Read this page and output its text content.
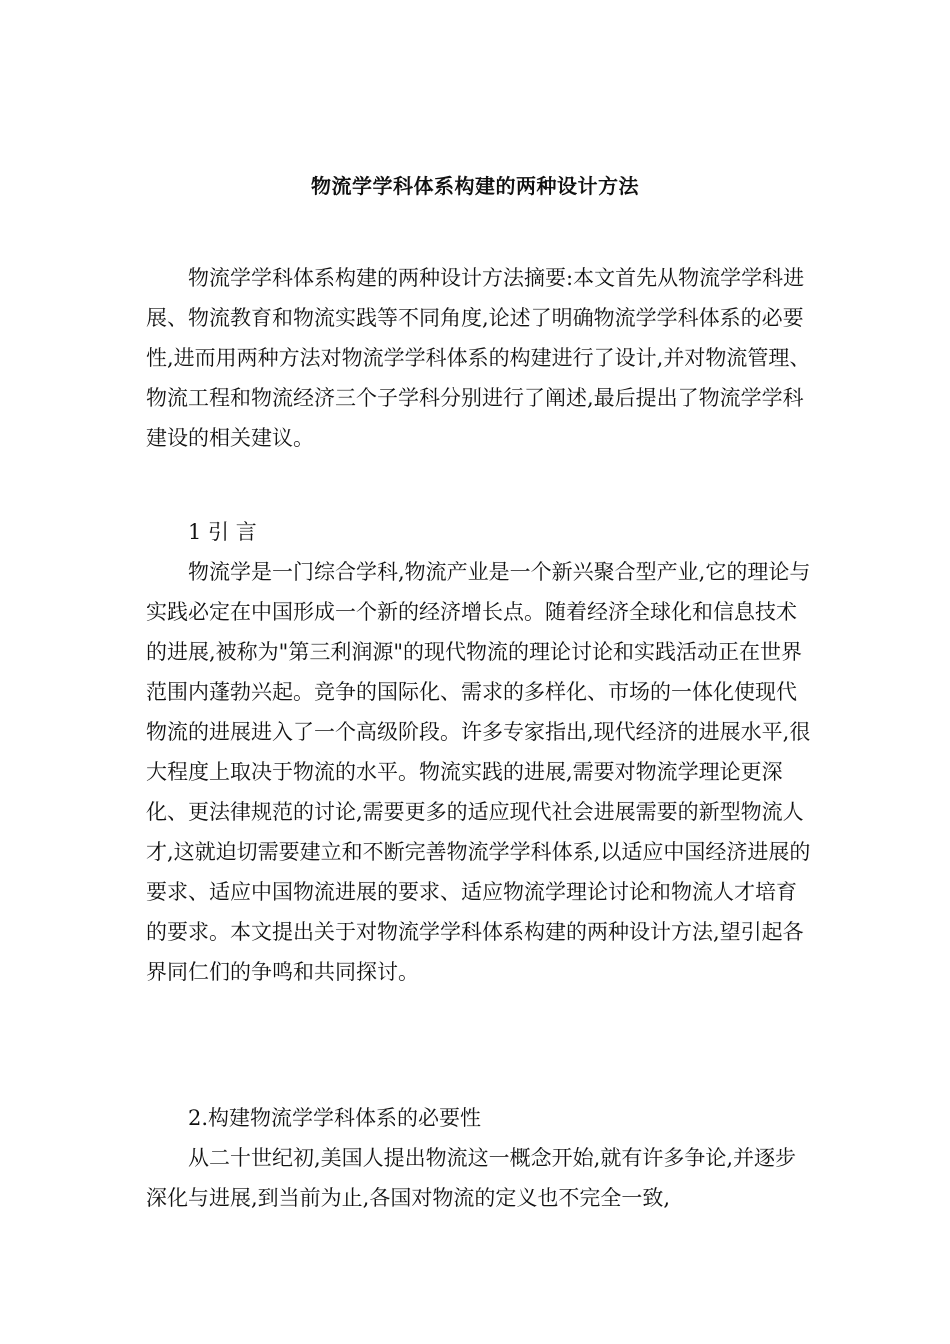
物流学学科体系构建的两种设计方法

物流学学科体系构建的两种设计方法摘要:本文首先从物流学学科进展、物流教育和物流实践等不同角度,论述了明确物流学学科体系的必要性,进而用两种方法对物流学学科体系的构建进行了设计,并对物流管理、物流工程和物流经济三个子学科分别进行了阐述,最后提出了物流学学科建设的相关建议。

1 引 言

物流学是一门综合学科,物流产业是一个新兴聚合型产业,它的理论与实践必定在中国形成一个新的经济增长点。随着经济全球化和信息技术的进展,被称为"第三利润源"的现代物流的理论讨论和实践活动正在世界范围内蓬勃兴起。竞争的国际化、需求的多样化、市场的一体化使现代物流的进展进入了一个高级阶段。许多专家指出,现代经济的进展水平,很大程度上取决于物流的水平。物流实践的进展,需要对物流学理论更深化、更法律规范的讨论,需要更多的适应现代社会进展需要的新型物流人才,这就迫切需要建立和不断完善物流学学科体系,以适应中国经济进展的要求、适应中国物流进展的要求、适应物流学理论讨论和物流人才培育的要求。本文提出关于对物流学学科体系构建的两种设计方法,望引起各界同仁们的争鸣和共同探讨。

2.构建物流学学科体系的必要性

从二十世纪初,美国人提出物流这一概念开始,就有许多争论,并逐步深化与进展,到当前为止,各国对物流的定义也不完全一致,
